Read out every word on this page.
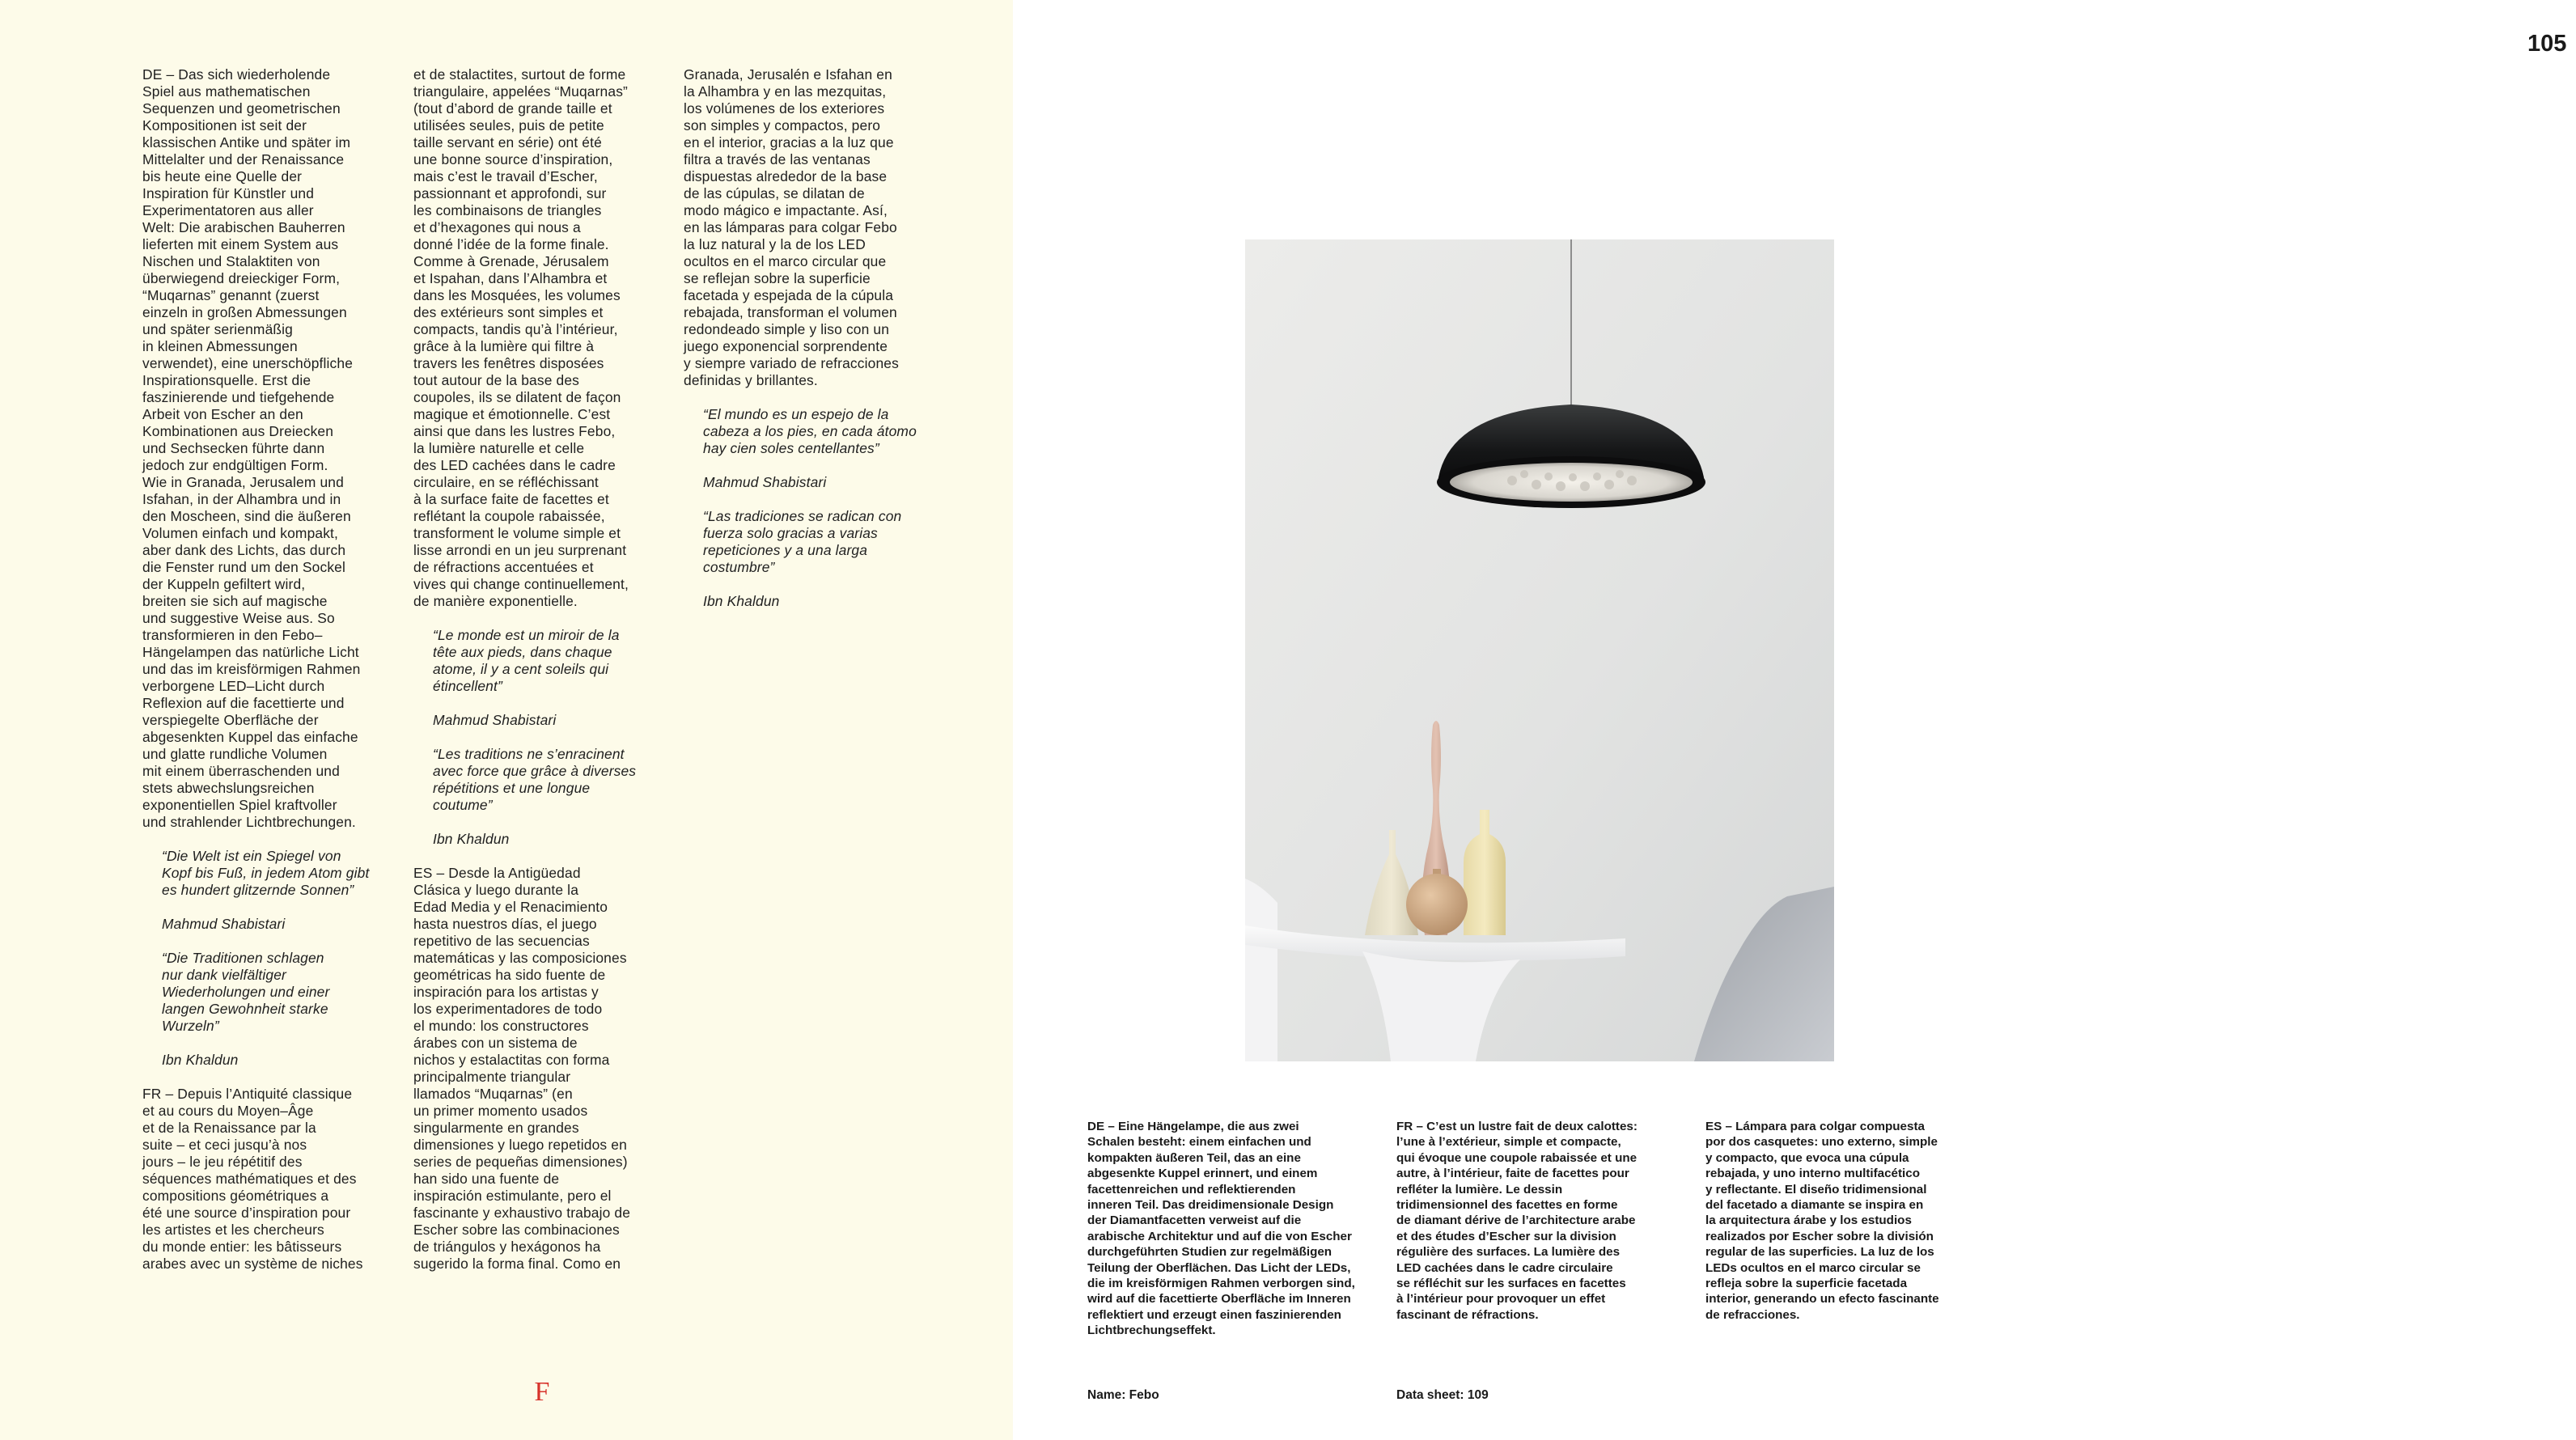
DE – Das sich wiederholende
Spiel aus mathematischen
Sequenzen und geometrischen
Kompositionen ist seit der
klassischen Antike und später im
Mittelalter und der Renaissance
bis heute eine Quelle der
Inspiration für Künstler und
Experimentatoren aus aller
Welt: Die arabischen Bauherren
lieferten mit einem System aus
Nischen und Stalaktiten von
überwiegend dreieckiger Form,
“Muqarnas” genannt (zuerst
einzeln in großen Abmessungen
und später serienmäßig
in kleinen Abmessungen
verwendet), eine unerschöpfliche
Inspirationsquelle. Erst die
faszinierende und tiefgehende
Arbeit von Escher an den
Kombinationen aus Dreiecken
und Sechsecken führte dann
jedoch zur endgültigen Form.
Wie in Granada, Jerusalem und
Isfahan, in der Alhambra und in
den Moscheen, sind die äußeren
Volumen einfach und kompakt,
aber dank des Lichts, das durch
die Fenster rund um den Sockel
der Kuppeln gefiltert wird,
breiten sie sich auf magische
und suggestive Weise aus. So
transformieren in den Febo–
Hängelampen das natürliche Licht
und das im kreisförmigen Rahmen
verborgene LED–Licht durch
Reflexion auf die facettierte und
verspiegelte Oberfläche der
abgesenkten Kuppel das einfache
und glatte rundliche Volumen
mit einem überraschenden und
stets abwechslungsreichen
exponentiellen Spiel kraftvoller
und strahlender Lichtbrechungen.

“Die Welt ist ein Spiegel von
Kopf bis Fuß, in jedem Atom gibt
es hundert glitzernde Sonnen”

Mahmud Shabistari

“Die Traditionen schlagen
nur dank vielfältiger
Wiederholungen und einer
langen Gewohnheit starke
Wurzeln”

Ibn Khaldun

FR – Depuis l’Antiquité classique
et au cours du Moyen–Âge
et de la Renaissance par la
suite – et ceci jusqu’à nos
jours – le jeu répétitif des
séquences mathématiques et des
compositions géométriques a
été une source d’inspiration pour
les artistes et les chercheurs
du monde entier: les bâtisseurs
arabes avec un système de niches

et de stalactites, surtout de forme
triangulaire, appelées “Muqarnas”
(tout d’abord de grande taille et
utilisées seules, puis de petite
taille servant en série) ont été
une bonne source d’inspiration,
mais c’est le travail d’Escher,
passionnant et approfondi, sur
les combinaisons de triangles
et d’hexagones qui nous a
donné l’idée de la forme finale.
Comme à Grenade, Jérusalem
et Ispahan, dans l’Alhambra et
dans les Mosquées, les volumes
des extérieurs sont simples et
compacts, tandis qu’à l’intérieur,
grâce à la lumière qui filtre à
travers les fenêtres disposées
tout autour de la base des
coupoles, ils se dilatent de façon
magique et émotionnelle. C’est
ainsi que dans les lustres Febo,
la lumière naturelle et celle
des LED cachées dans le cadre
circulaire, en se réfléchissant
à la surface faite de facettes et
reflétant la coupole rabaissée,
transforment le volume simple et
lisse arrondi en un jeu surprenant
de réfractions accentuées et
vives qui change continuellement,
de manière exponentielle.

“Le monde est un miroir de la
tête aux pieds, dans chaque
atome, il y a cent soleils qui
étincellent”

Mahmud Shabistari

“Les traditions ne s’enracinent
avec force que grâce à diverses
répétitions et une longue
coutume”

Ibn Khaldun

ES – Desde la Antigüedad
Clásica y luego durante la
Edad Media y el Renacimiento
hasta nuestros días, el juego
repetitivo de las secuencias
matemáticas y las composiciones
geométricas ha sido fuente de
inspiración para los artistas y
los experimentadores de todo
el mundo: los constructores
árabes con un sistema de
nichos y estalactitas con forma
principalmente triangular
llamados “Muqarnas” (en
un primer momento usados
singularmente en grandes
dimensiones y luego repetidos en
series de pequeñas dimensiones)
han sido una fuente de
inspiración estimulante, pero el
fascinante y exhaustivo trabajo de
Escher sobre las combinaciones
de triángulos y hexágonos ha
sugerido la forma final. Como en

Granada, Jerusalén e Isfahan en
la Alhambra y en las mezquitas,
los volúmenes de los exteriores
son simples y compactos, pero
en el interior, gracias a la luz que
filtra a través de las ventanas
dispuestas alrededor de la base
de las cúpulas, se dilatan de
modo mágico e impactante. Así,
en las lámparas para colgar Febo
la luz natural y la de los LED
ocultos en el marco circular que
se reflejan sobre la superficie
facetada y espejada de la cúpula
rebajada, transforman el volumen
redondeado simple y liso con un
juego exponencial sorprendente
y siempre variado de refracciones
definidas y brillantes.

“El mundo es un espejo de la
cabeza a los pies, en cada átomo
hay cien soles centellantes”

Mahmud Shabistari

“Las tradiciones se radican con
fuerza solo gracias a varias
repeticiones y a una larga
costumbre”

Ibn Khaldun

F
105
DE – Eine Hängelampe, die aus zwei
Schalen besteht: einem einfachen und
kompakten äußeren Teil, das an eine
abgesenkte Kuppel erinnert, und einem
facettenreichen und reflektierenden
inneren Teil. Das dreidimensionale Design
der Diamantfacetten verweist auf die
arabische Architektur und auf die von Escher
durchgeführten Studien zur regelmäßigen
Teilung der Oberflächen. Das Licht der LEDs,
die im kreisförmigen Rahmen verborgen sind,
wird auf die facettierte Oberfläche im Inneren
reflektiert und erzeugt einen faszinierenden
Lichtbrechungseffekt.
FR – C’est un lustre fait de deux calottes:
l’une à l’extérieur, simple et compacte,
qui évoque une coupole rabaissée et une
autre, à l’intérieur, faite de facettes pour
refléter la lumière. Le dessin
tridimensionnel des facettes en forme
de diamant dérive de l’architecture arabe
et des études d’Escher sur la division
régulière des surfaces. La lumière des
LED cachées dans le cadre circulaire
se réfléchit sur les surfaces en facettes
à l’intérieur pour provoquer un effet
fascinant de réfractions.
ES – Lámpara para colgar compuesta
por dos casquetes: uno externo, simple
y compacto, que evoca una cúpula
rebajada, y uno interno multifacético
y reflectante. El diseño tridimensional
del facetado a diamante se inspira en
la arquitectura árabe y los estudios
realizados por Escher sobre la división
regular de las superficies. La luz de los
LEDs ocultos en el marco circular se
refleja sobre la superficie facetada
interior, generando un efecto fascinante
de refracciones.
Name: Febo	Data sheet: 109
